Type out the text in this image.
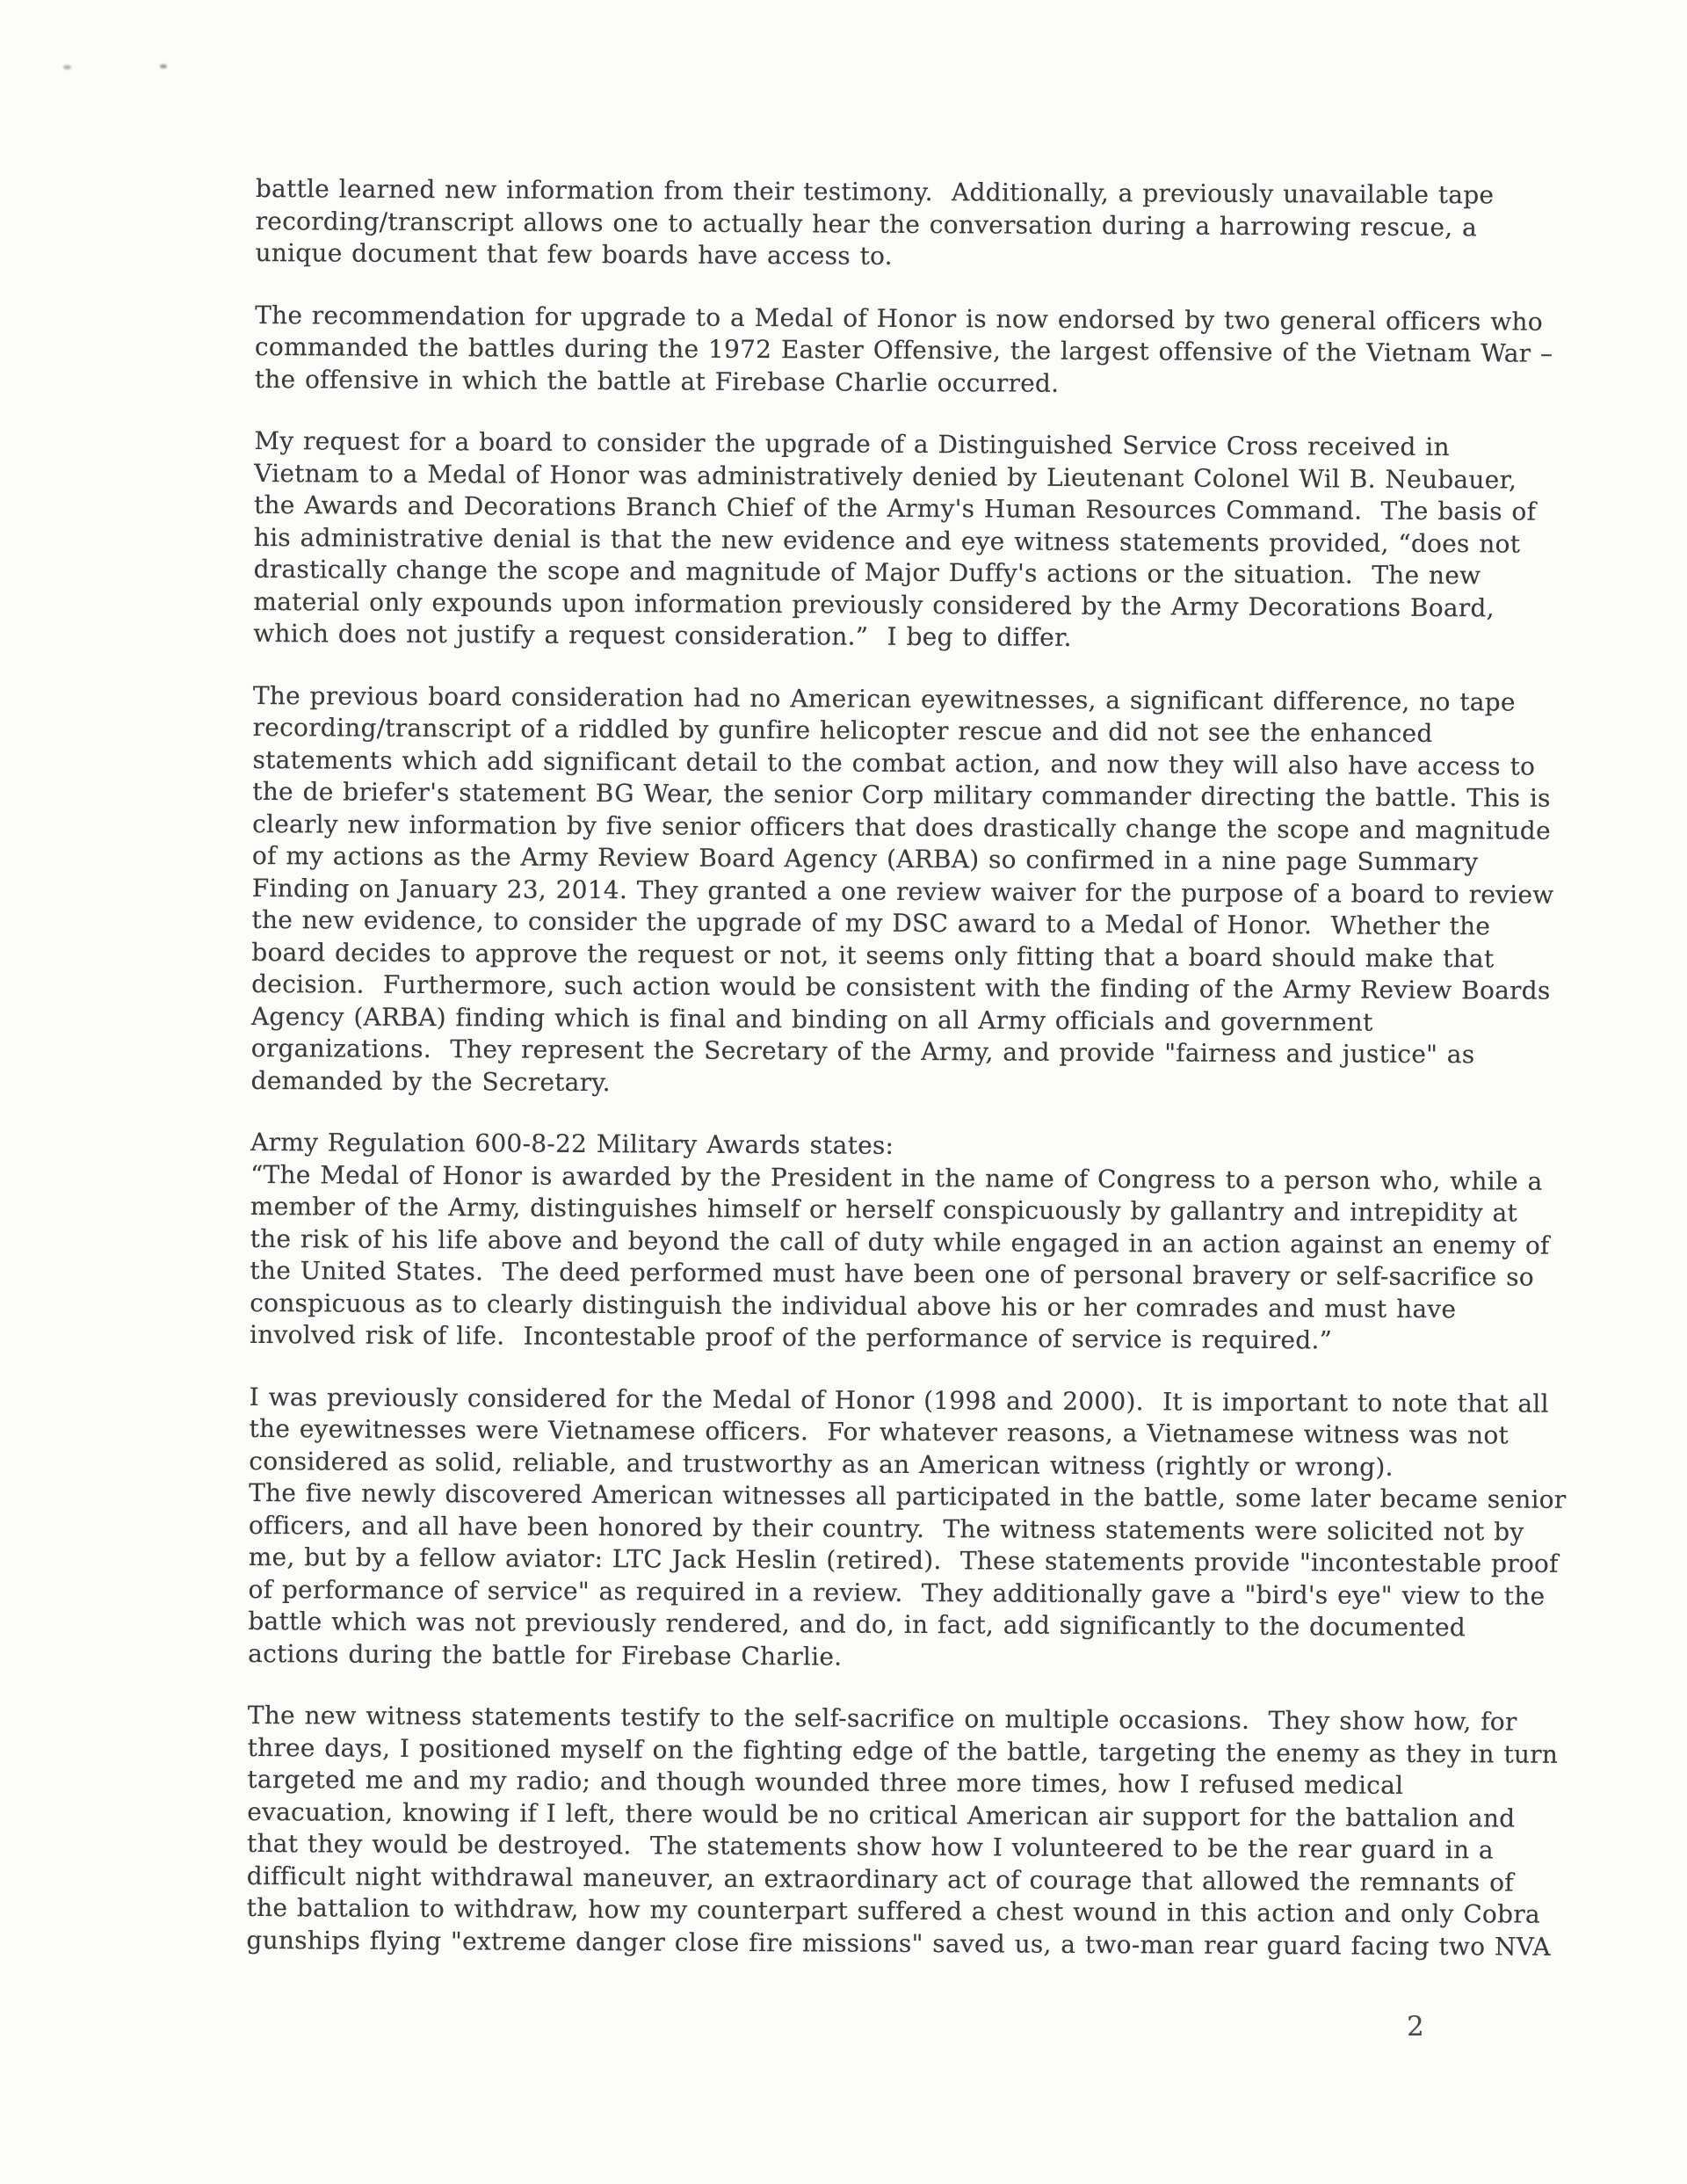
battle learned new information from their testimony.  Additionally, a previously unavailable tape
recording/transcript allows one to actually hear the conversation during a harrowing rescue, a
unique document that few boards have access to.
The recommendation for upgrade to a Medal of Honor is now endorsed by two general officers who
commanded the battles during the 1972 Easter Offensive, the largest offensive of the Vietnam War –
the offensive in which the battle at Firebase Charlie occurred.
My request for a board to consider the upgrade of a Distinguished Service Cross received in
Vietnam to a Medal of Honor was administratively denied by Lieutenant Colonel Wil B. Neubauer,
the Awards and Decorations Branch Chief of the Army's Human Resources Command.  The basis of
his administrative denial is that the new evidence and eye witness statements provided, “does not
drastically change the scope and magnitude of Major Duffy's actions or the situation.  The new
material only expounds upon information previously considered by the Army Decorations Board,
which does not justify a request consideration.”  I beg to differ.
The previous board consideration had no American eyewitnesses, a significant difference, no tape
recording/transcript of a riddled by gunfire helicopter rescue and did not see the enhanced
statements which add significant detail to the combat action, and now they will also have access to
the de briefer's statement BG Wear, the senior Corp military commander directing the battle. This is
clearly new information by five senior officers that does drastically change the scope and magnitude
of my actions as the Army Review Board Agency (ARBA) so confirmed in a nine page Summary
Finding on January 23, 2014. They granted a one review waiver for the purpose of a board to review
the new evidence, to consider the upgrade of my DSC award to a Medal of Honor.  Whether the
board decides to approve the request or not, it seems only fitting that a board should make that
decision.  Furthermore, such action would be consistent with the finding of the Army Review Boards
Agency (ARBA) finding which is final and binding on all Army officials and government
organizations.  They represent the Secretary of the Army, and provide "fairness and justice" as
demanded by the Secretary.
Army Regulation 600-8-22 Military Awards states:
“The Medal of Honor is awarded by the President in the name of Congress to a person who, while a
member of the Army, distinguishes himself or herself conspicuously by gallantry and intrepidity at
the risk of his life above and beyond the call of duty while engaged in an action against an enemy of
the United States.  The deed performed must have been one of personal bravery or self-sacrifice so
conspicuous as to clearly distinguish the individual above his or her comrades and must have
involved risk of life.  Incontestable proof of the performance of service is required.”
I was previously considered for the Medal of Honor (1998 and 2000).  It is important to note that all
the eyewitnesses were Vietnamese officers.  For whatever reasons, a Vietnamese witness was not
considered as solid, reliable, and trustworthy as an American witness (rightly or wrong).
The five newly discovered American witnesses all participated in the battle, some later became senior
officers, and all have been honored by their country.  The witness statements were solicited not by
me, but by a fellow aviator: LTC Jack Heslin (retired).  These statements provide "incontestable proof
of performance of service" as required in a review.  They additionally gave a "bird's eye" view to the
battle which was not previously rendered, and do, in fact, add significantly to the documented
actions during the battle for Firebase Charlie.
The new witness statements testify to the self-sacrifice on multiple occasions.  They show how, for
three days, I positioned myself on the fighting edge of the battle, targeting the enemy as they in turn
targeted me and my radio; and though wounded three more times, how I refused medical
evacuation, knowing if I left, there would be no critical American air support for the battalion and
that they would be destroyed.  The statements show how I volunteered to be the rear guard in a
difficult night withdrawal maneuver, an extraordinary act of courage that allowed the remnants of
the battalion to withdraw, how my counterpart suffered a chest wound in this action and only Cobra
gunships flying "extreme danger close fire missions" saved us, a two-man rear guard facing two NVA
2
